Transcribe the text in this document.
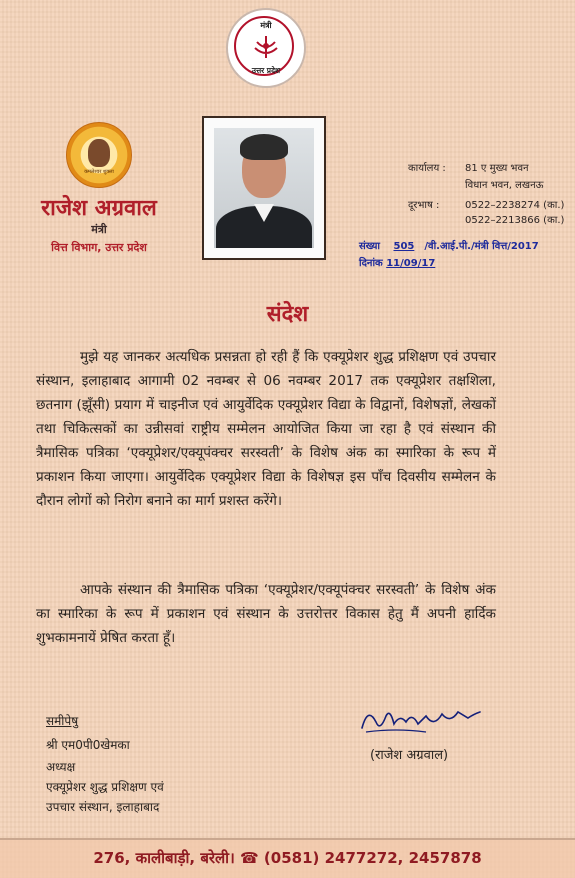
मंत्री
उत्तर प्रदेश
कमलेश्वर शुक्ला
राजेश अग्रवाल
मंत्री
वित्त विभाग, उत्तर प्रदेश
कार्यालय : 81 ए मुख्य भवन
विधान भवन, लखनऊ
दूरभाष :	0522–2238274 (का.)
0522–2213866 (का.)
संख्या 505 /वी.आई.पी./मंत्री वित्त/2017
दिनांक 11/09/17
संदेश
मुझे यह जानकर अत्यधिक प्रसन्नता हो रही हैं कि एक्यूप्रेशर शुद्ध प्रशिक्षण एवं उपचार संस्थान, इलाहाबाद आगामी 02 नवम्बर से 06 नवम्बर 2017 तक एक्यूप्रेशर तक्षशिला, छतनाग (झूँसी) प्रयाग में चाइनीज एवं आयुर्वेदिक एक्यूप्रेशर विद्या के विद्वानों, विशेषज्ञों, लेखकों तथा चिकित्सकों का उन्नीसवां राष्ट्रीय सम्मेलन आयोजित किया जा रहा है एवं संस्थान की त्रैमासिक पत्रिका ‘एक्यूप्रेशर/एक्यूपंक्चर सरस्वती’ के विशेष अंक का स्मारिका के रूप में प्रकाशन किया जाएगा। आयुर्वेदिक एक्यूप्रेशर विद्या के विशेषज्ञ इस पाँच दिवसीय सम्मेलन के दौरान लोगों को निरोग बनाने का मार्ग प्रशस्त करेंगे।
आपके संस्थान की त्रैमासिक पत्रिका ‘एक्यूप्रेशर/एक्यूपंक्चर सरस्वती’ के विशेष अंक का स्मारिका के रूप में प्रकाशन एवं संस्थान के उत्तरोत्तर विकास हेतु मैं अपनी हार्दिक शुभकामनायें प्रेषित करता हूँ।
समीपेषु
श्री एम0पी0खेमका
अध्यक्ष
एक्यूप्रेशर शुद्ध प्रशिक्षण एवं
उपचार संस्थान, इलाहाबाद
(राजेश अग्रवाल)
276, कालीबाड़ी, बरेली। ☎ (0581) 2477272, 2457878
